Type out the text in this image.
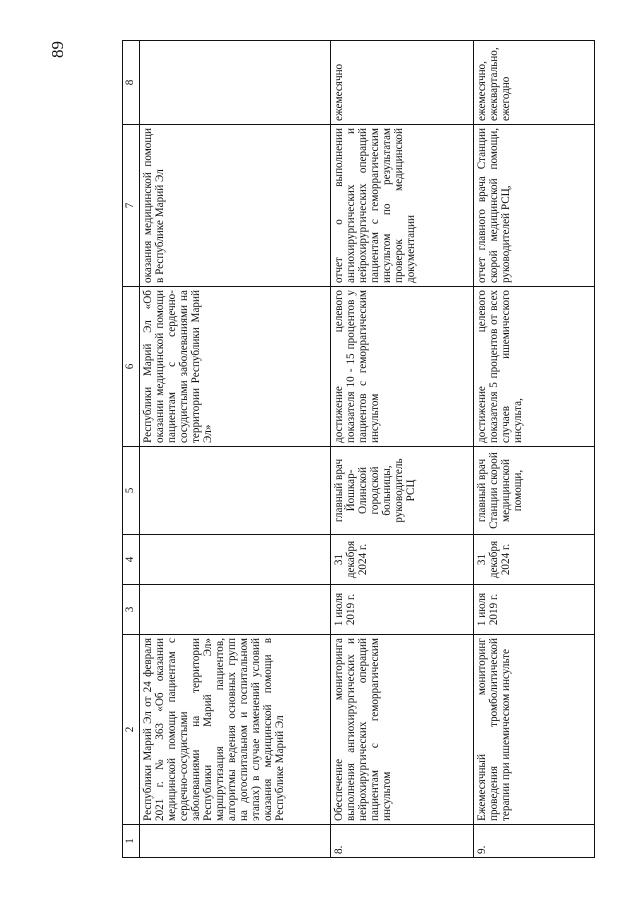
89
1	2	3	4	5	6	7	8
	Республики Марий Эл от 24 февраля 2021 г. № 363 «Об оказании медицинской помощи пациентам с сердечно-сосудистыми заболеваниями на территории Республики Марий Эл» маршрутизация пациентов, алгоритмы ведения основных групп на догоспитальном и госпитальном этапах) в случае изменений условий оказания медицинской помощи в Республике Марий Эл				Республики Марий Эл «Об оказании медицинской помощи пациентам с сердечно-сосудистыми заболеваниями на территории Республики Марий Эл»	оказания медицинской помощи в Республике Марий Эл	
8.	Обеспечение мониторинга выполнения ангиохирургических и нейрохирургических операций пациентам с геморрагическим инсультом	1 июля 2019 г.	31 декабря 2024 г.	главный врач Йошкар-Олинской городской больницы, руководитель РСЦ	достижение целевого показателя 10 - 15 процентов у пациентов с геморрагическим инсультом	отчет о выполнении ангиохирургических и нейрохирургических операций пациентам с геморрагическим инсультом по результатам проверок медицинской документации	ежемесячно
9.	Ежемесячный мониторинг проведения тромболитической терапии при ишемическом инсульте	1 июля 2019 г.	31 декабря 2024 г.	главный врач Станции скорой медицинской помощи,	достижение целевого показателя 5 процентов от всех случаев ишемического инсульта,	отчет главного врача Станции скорой медицинской помощи, руководителей РСЦ,	ежемесячно, ежеквартально, ежегодно
